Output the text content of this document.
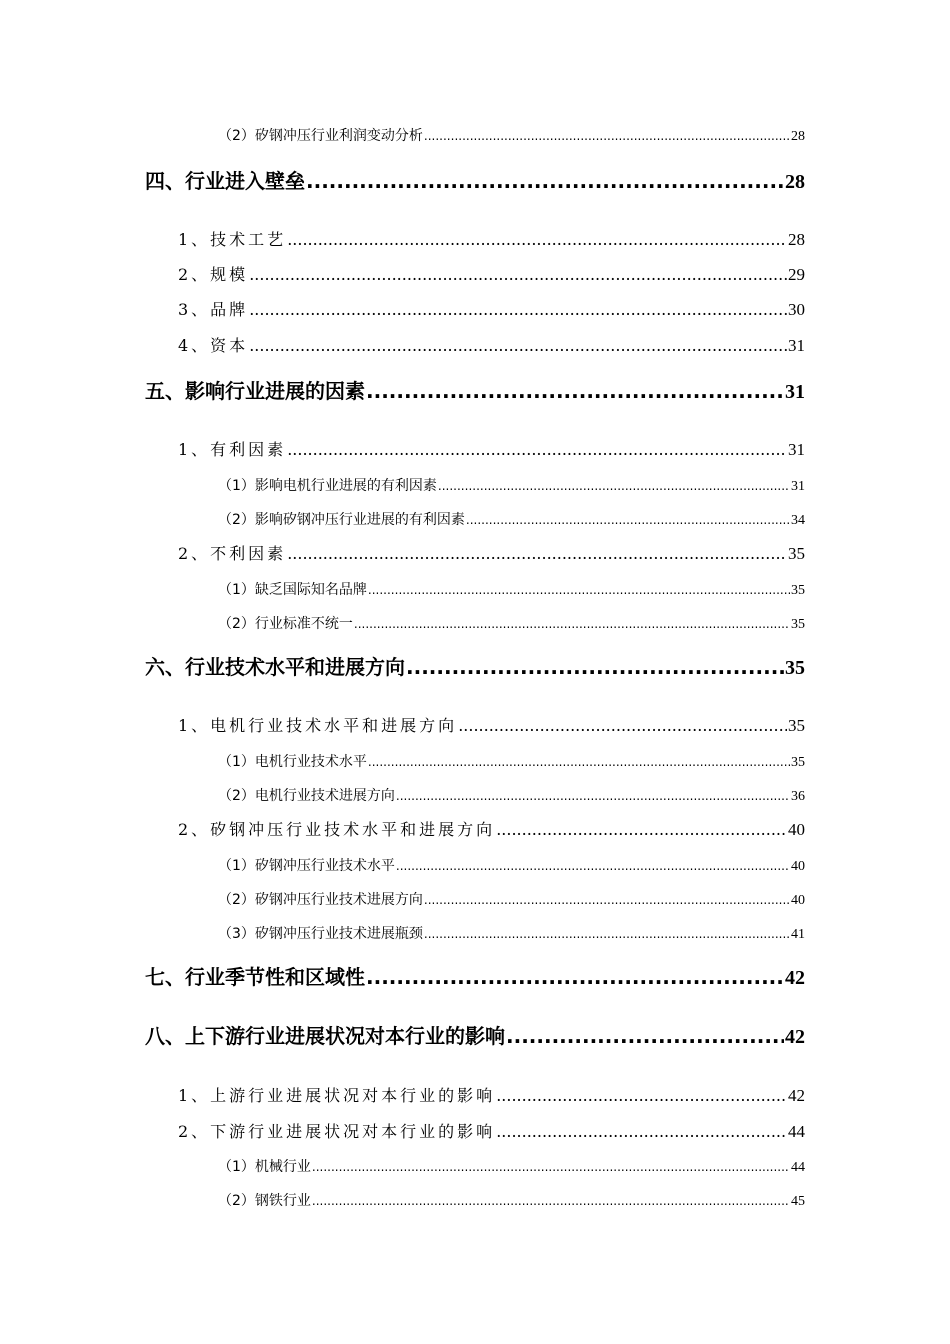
（2）矽钢冲压行业利润变动分析 .....	28
四、行业进入壁垒 .....	28
1、技术工艺 .....	28
2、规模 .....	29
3、品牌 .....	30
4、资本 .....	31
五、影响行业进展的因素 .....	31
1、有利因素 .....	31
（1）影响电机行业进展的有利因素 .....	31
（2）影响矽钢冲压行业进展的有利因素 .....	34
2、不利因素 .....	35
（1）缺乏国际知名品牌 .....	35
（2）行业标准不统一 .....	35
六、行业技术水平和进展方向 .....	35
1、电机行业技术水平和进展方向 .....	35
（1）电机行业技术水平 .....	35
（2）电机行业技术进展方向 .....	36
2、矽钢冲压行业技术水平和进展方向 .....	40
（1）矽钢冲压行业技术水平 .....	40
（2）矽钢冲压行业技术进展方向 .....	40
（3）矽钢冲压行业技术进展瓶颈 .....	41
七、行业季节性和区域性 .....	42
八、上下游行业进展状况对本行业的影响 .....	42
1、上游行业进展状况对本行业的影响 .....	42
2、下游行业进展状况对本行业的影响 .....	44
（1）机械行业 .....	44
（2）钢铁行业 .....	45
